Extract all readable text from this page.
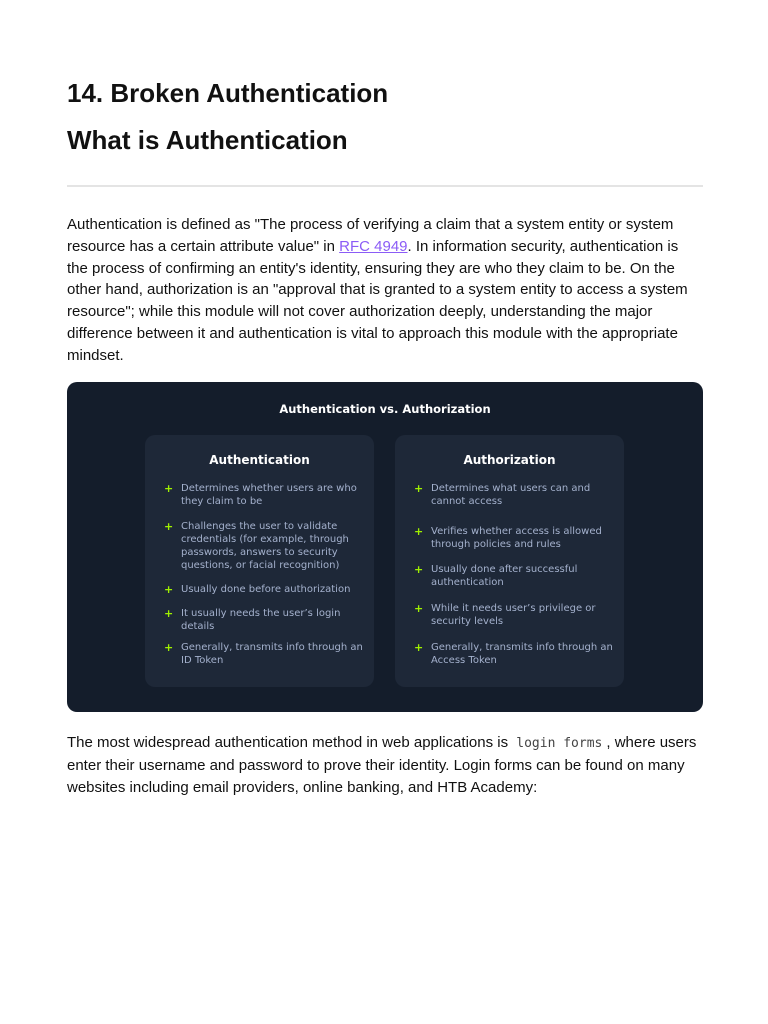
14. Broken Authentication
What is Authentication

Authentication is defined as "The process of verifying a claim that a system entity or system resource has a certain attribute value" in RFC 4949. In information security, authentication is the process of confirming an entity's identity, ensuring they are who they claim to be. On the other hand, authorization is an "approval that is granted to a system entity to access a system resource"; while this module will not cover authorization deeply, understanding the major difference between it and authentication is vital to approach this module with the appropriate mindset.

Authentication vs. Authorization
Authentication
+ Determines whether users are who they claim to be
+ Challenges the user to validate credentials (for example, through passwords, answers to security questions, or facial recognition)
+ Usually done before authorization
+ It usually needs the user’s login details
+ Generally, transmits info through an ID Token
Authorization
+ Determines what users can and cannot access
+ Verifies whether access is allowed through policies and rules
+ Usually done after successful authentication
+ While it needs user’s privilege or security levels
+ Generally, transmits info through an Access Token

The most widespread authentication method in web applications is login forms , where users enter their username and password to prove their identity. Login forms can be found on many websites including email providers, online banking, and HTB Academy:
